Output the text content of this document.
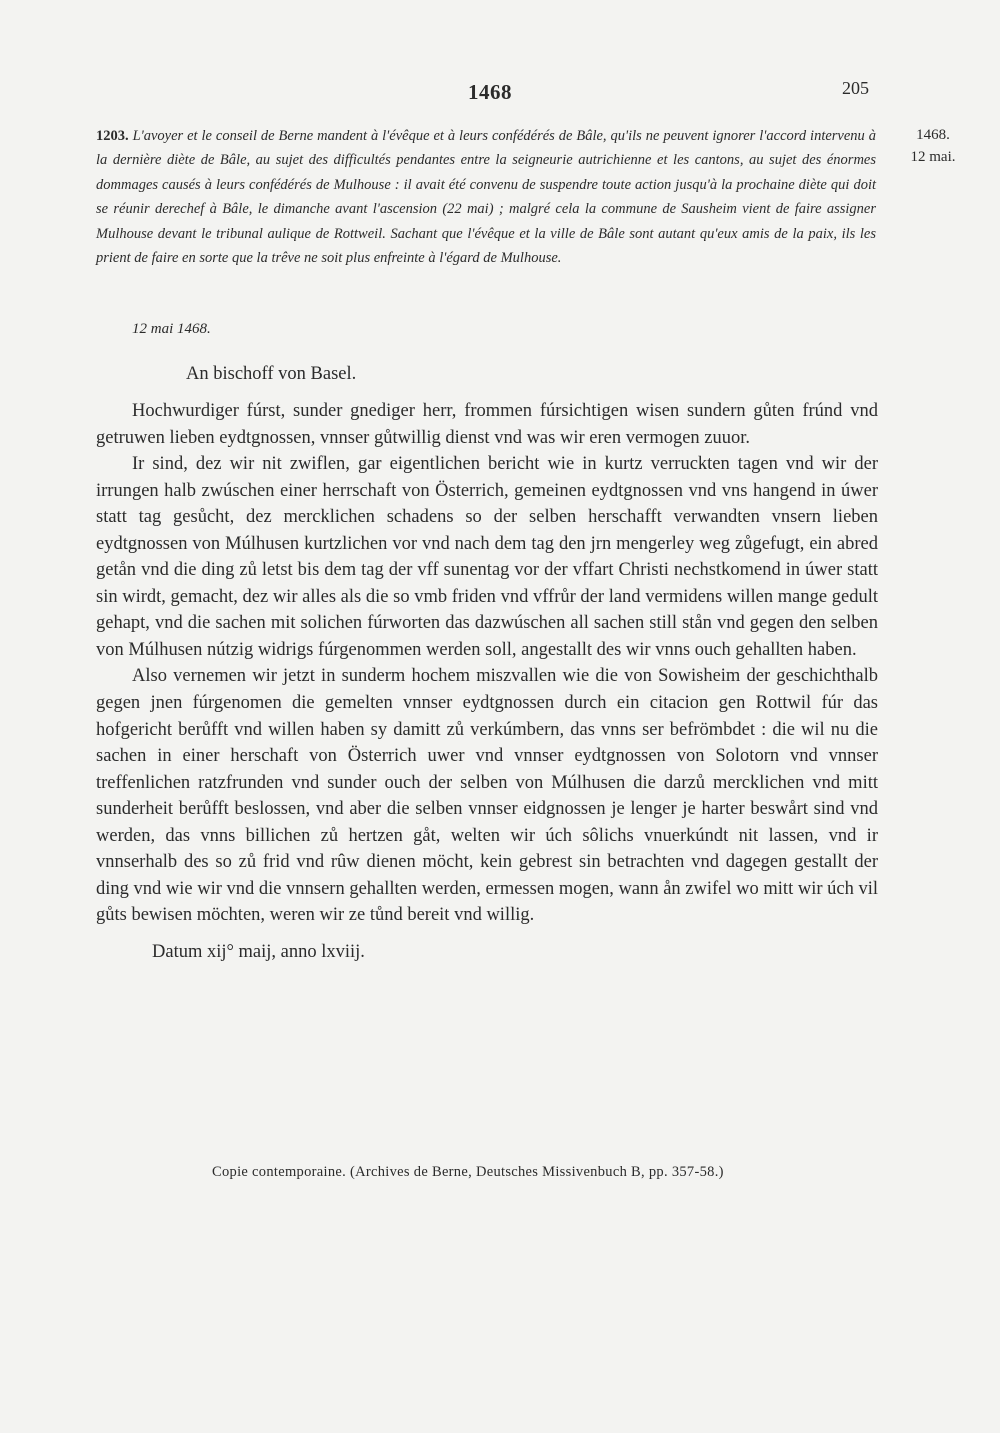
1468	205
1468.
12 mai.
1203. L'avoyer et le conseil de Berne mandent à l'évêque et à leurs confédérés de Bâle, qu'ils ne peuvent ignorer l'accord intervenu à la dernière diète de Bâle, au sujet des difficultés pendantes entre la seigneurie autrichienne et les cantons, au sujet des énormes dommages causés à leurs confédérés de Mulhouse : il avait été convenu de suspendre toute action jusqu'à la prochaine diète qui doit se réunir derechef à Bâle, le dimanche avant l'ascension (22 mai) ; malgré cela la commune de Sausheim vient de faire assigner Mulhouse devant le tribunal aulique de Rottweil. Sachant que l'évêque et la ville de Bâle sont autant qu'eux amis de la paix, ils les prient de faire en sorte que la trêve ne soit plus enfreinte à l'égard de Mulhouse.
12 mai 1468.
An bischoff von Basel.

Hochwurdiger fúrst, sunder gnediger herr, frommen fúrsichtigen wisen sundern gůten frúnd vnd getruwen lieben eydtgnossen, vnnser gůtwillig dienst vnd was wir eren vermogen zuuor.

Ir sind, dez wir nit zwiflen, gar eigentlichen bericht wie in kurtz verruckten tagen vnd wir der irrungen halb zwúschen einer herrschaft von Österrich, gemeinen eydtgnossen vnd vns hangend in úwer statt tag gesůcht, dez mercklichen schadens so der selben herschafft verwandten vnsern lieben eydtgnossen von Múlhusen kurtzlichen vor vnd nach dem tag den jrn mengerley weg zůgefugt, ein abred getån vnd die ding zů letst bis dem tag der vff sunentag vor der vffart Christi nechstkomend in úwer statt sin wirdt, gemacht, dez wir alles als die so vmb friden vnd vffrůr der land vermidens willen mange gedult gehapt, vnd die sachen mit solichen fúrworten das dazwúschen all sachen still stån vnd gegen den selben von Múlhusen nútzig widrigs fúrgenommen werden soll, angestallt des wir vnns ouch gehallten haben.

Also vernemen wir jetzt in sunderm hochem miszvallen wie die von Sowisheim der geschichthalb gegen jnen fúrgenomen die gemelten vnnser eydtgnossen durch ein citacion gen Rottwil fúr das hofgericht berůfft vnd willen haben sy damitt zů verkúmbern, das vnns ser befrömbdet : die wil nu die sachen in einer herschaft von Österrich uwer vnd vnnser eydtgnossen von Solotorn vnd vnnser treffenlichen ratzfrunden vnd sunder ouch der selben von Múlhusen die darzů mercklichen vnd mitt sunderheit berůfft beslossen, vnd aber die selben vnnser eidgnossen je lenger je harter beswårt sind vnd werden, das vnns billichen zů hertzen gåt, welten wir úch sôlichs vnuerkúndt nit lassen, vnd ir vnnserhalb des so zů frid vnd rûw dienen möcht, kein gebrest sin betrachten vnd dagegen gestallt der ding vnd wie wir vnd die vnnsern gehallten werden, ermessen mogen, wann ån zwifel wo mitt wir úch vil gůts bewisen möchten, weren wir ze tůnd bereit vnd willig.

Datum xij° maij, anno lxviij.

Copie contemporaine. (Archives de Berne, Deutsches Missivenbuch B, pp. 357-58.)
